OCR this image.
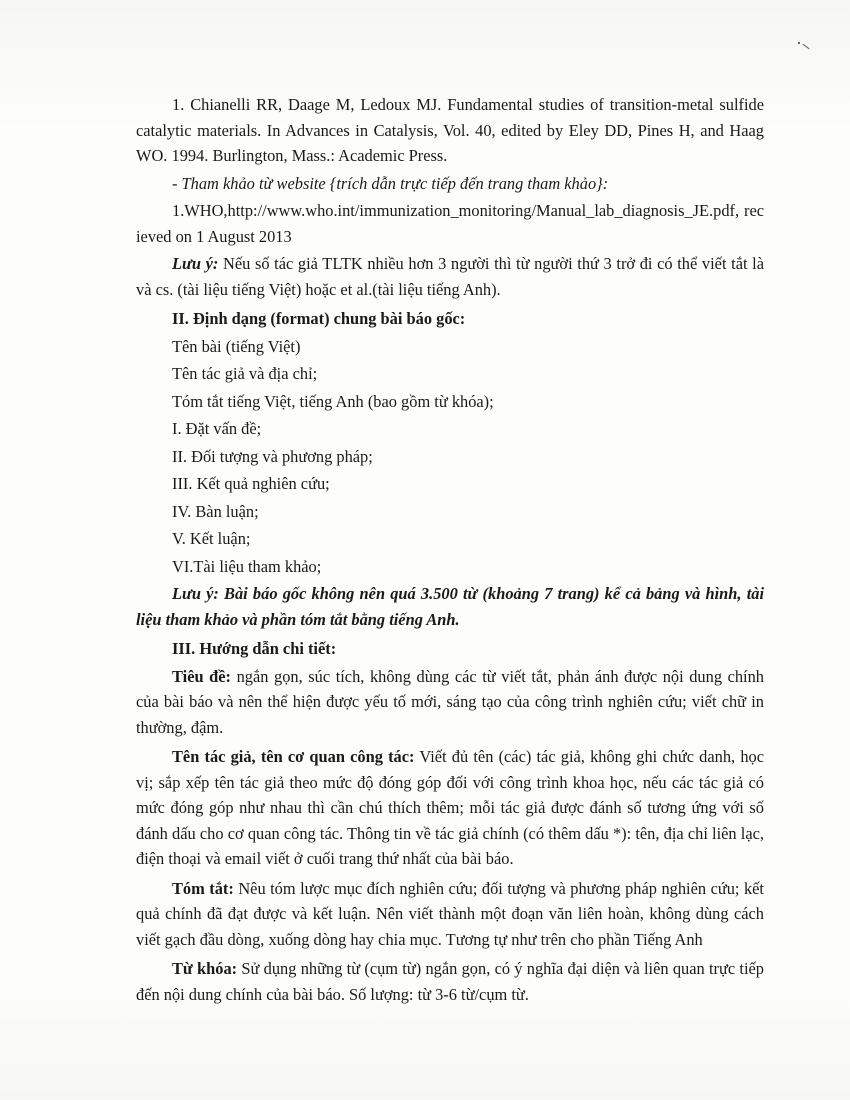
1. Chianelli RR, Daage M, Ledoux MJ. Fundamental studies of transition-metal sulfide catalytic materials. In Advances in Catalysis, Vol. 40, edited by Eley DD, Pines H, and Haag WO. 1994. Burlington, Mass.: Academic Press.

- Tham khảo từ website {trích dẫn trực tiếp đến trang tham khảo}:

1.WHO,http://www.who.int/immunization_monitoring/Manual_lab_diagnosis_JE.pdf, recieved on 1 August 2013

Lưu ý: Nếu số tác giả TLTK nhiều hơn 3 người thì từ người thứ 3 trở đi có thể viết tắt là và cs. (tài liệu tiếng Việt) hoặc et al.(tài liệu tiếng Anh).

II. Định dạng (format) chung bài báo gốc:

Tên bài (tiếng Việt)

Tên tác giả và địa chỉ;

Tóm tắt tiếng Việt, tiếng Anh (bao gồm từ khóa);

I. Đặt vấn đề;

II. Đối tượng và phương pháp;

III. Kết quả nghiên cứu;

IV. Bàn luận;

V. Kết luận;

VI.Tài liệu tham khảo;

Lưu ý: Bài báo gốc không nên quá 3.500 từ (khoảng 7 trang) kể cả bảng và hình, tài liệu tham khảo và phần tóm tắt bằng tiếng Anh.

III. Hướng dẫn chi tiết:

Tiêu đề: ngắn gọn, súc tích, không dùng các từ viết tắt, phản ánh được nội dung chính của bài báo và nên thể hiện được yếu tố mới, sáng tạo của công trình nghiên cứu; viết chữ in thường, đậm.

Tên tác giả, tên cơ quan công tác: Viết đủ tên (các) tác giả, không ghi chức danh, học vị; sắp xếp tên tác giả theo mức độ đóng góp đối với công trình khoa học, nếu các tác giả có mức đóng góp như nhau thì cần chú thích thêm; mỗi tác giả được đánh số tương ứng với số đánh dấu cho cơ quan công tác. Thông tin về tác giả chính (có thêm dấu *): tên, địa chỉ liên lạc, điện thoại và email viết ở cuối trang thứ nhất của bài báo.

Tóm tắt: Nêu tóm lược mục đích nghiên cứu; đối tượng và phương pháp nghiên cứu; kết quả chính đã đạt được và kết luận. Nên viết thành một đoạn văn liên hoàn, không dùng cách viết gạch đầu dòng, xuống dòng hay chia mục. Tương tự như trên cho phần Tiếng Anh

Từ khóa: Sử dụng những từ (cụm từ) ngắn gọn, có ý nghĩa đại diện và liên quan trực tiếp đến nội dung chính của bài báo. Số lượng: từ 3-6 từ/cụm từ.
